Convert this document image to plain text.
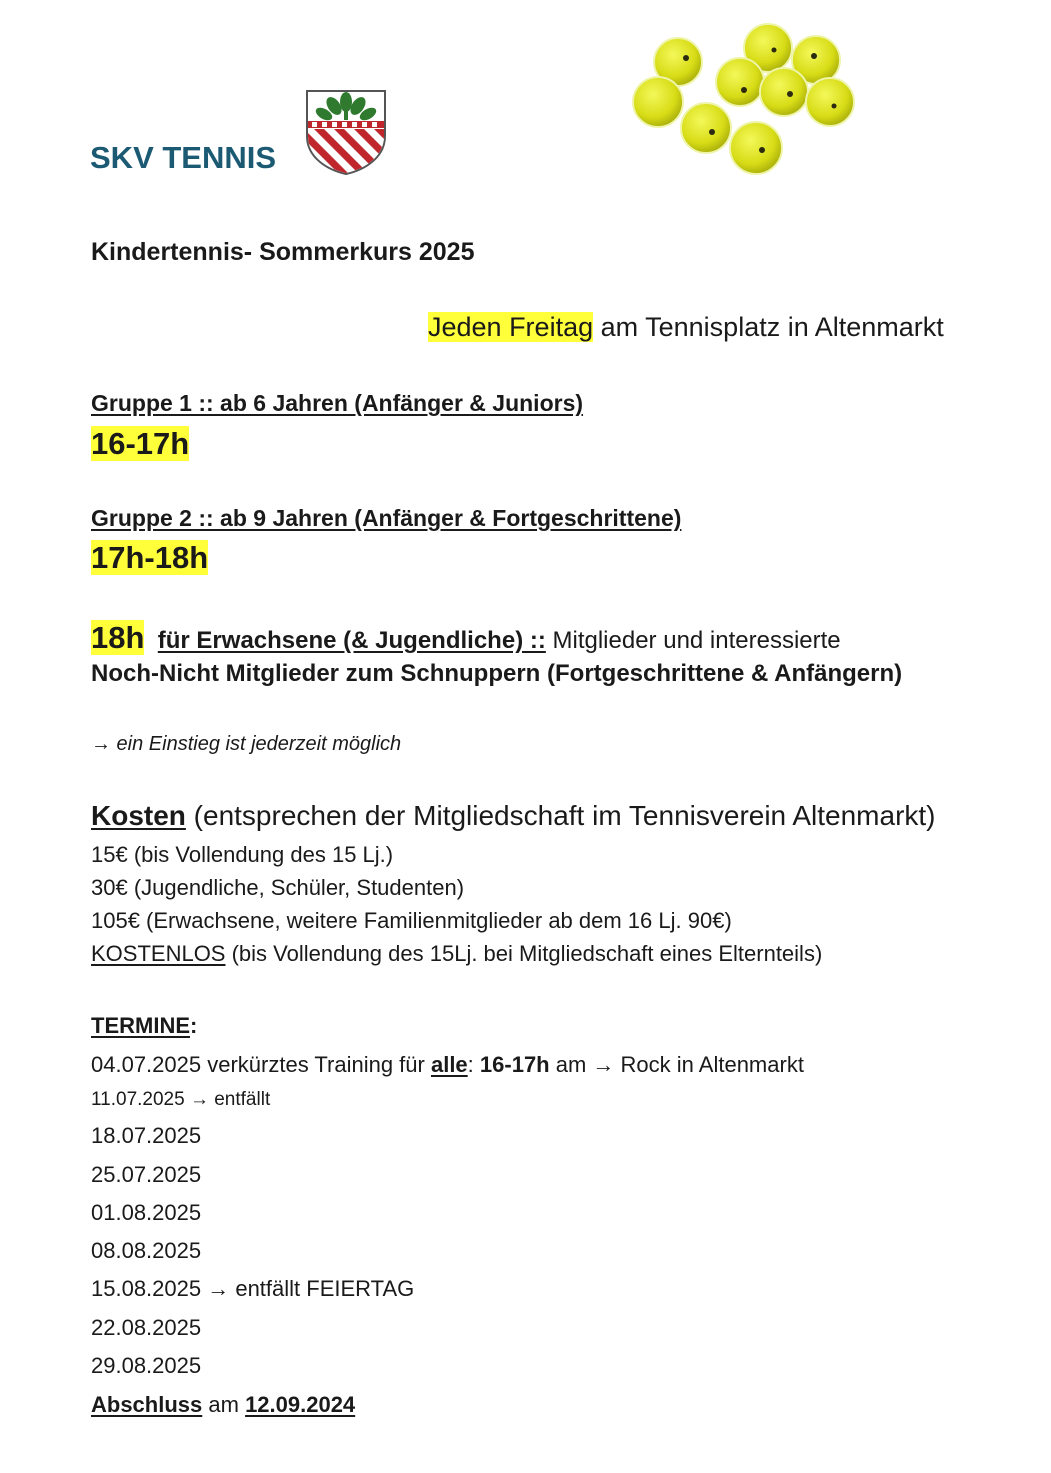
SKV TENNIS
Kindertennis- Sommerkurs 2025
Jeden Freitag am Tennisplatz in Altenmarkt
Gruppe 1 :: ab 6 Jahren (Anfänger & Juniors)
16-17h
Gruppe 2 :: ab 9 Jahren (Anfänger & Fortgeschrittene)
17h-18h
18h für Erwachsene (& Jugendliche) :: Mitglieder und interessierte
Noch-Nicht Mitglieder zum Schnuppern (Fortgeschrittene & Anfängern)
→ ein Einstieg ist jederzeit möglich
Kosten (entsprechen der Mitgliedschaft im Tennisverein Altenmarkt)
15€ (bis Vollendung des 15 Lj.)
30€ (Jugendliche, Schüler, Studenten)
105€ (Erwachsene, weitere Familienmitglieder ab dem 16 Lj. 90€)
KOSTENLOS (bis Vollendung des 15Lj. bei Mitgliedschaft eines Elternteils)
TERMINE:
04.07.2025 verkürztes Training für alle: 16-17h am → Rock in Altenmarkt
11.07.2025 → entfällt
18.07.2025
25.07.2025
01.08.2025
08.08.2025
15.08.2025 → entfällt FEIERTAG
22.08.2025
29.08.2025
Abschluss am 12.09.2024
